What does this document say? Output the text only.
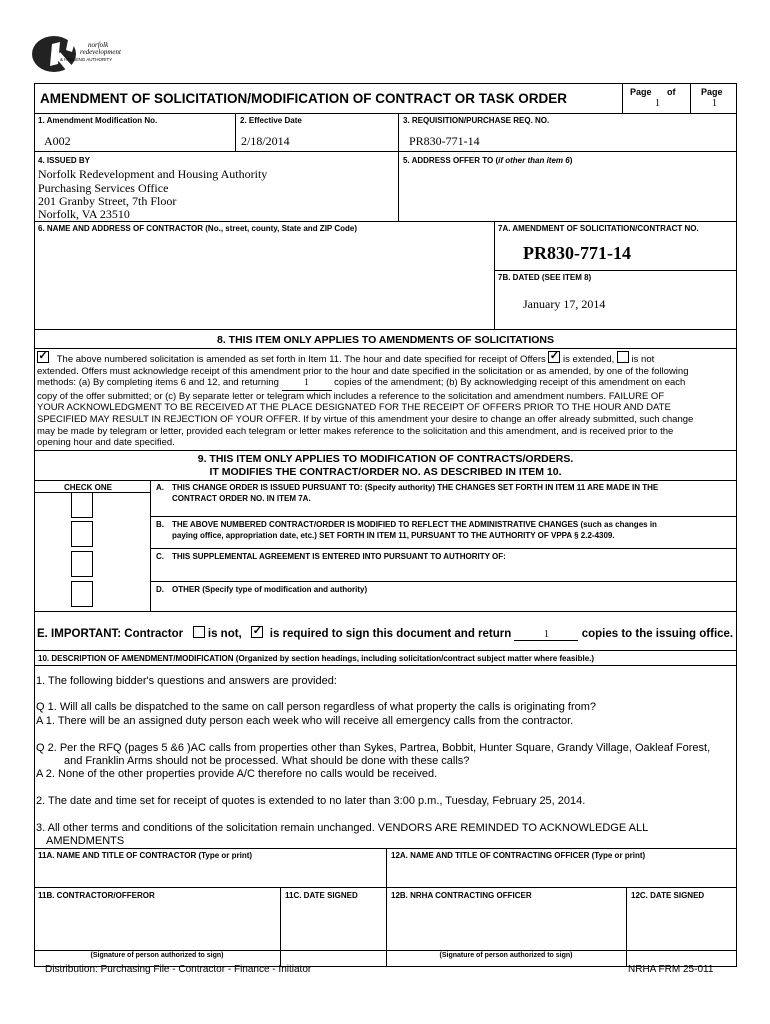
norfolk
redevelopment
& HOUSING AUTHORITY
AMENDMENT OF SOLICITATION/MODIFICATION OF CONTRACT OR TASK ORDER	Page of
1
Page
1
1. Amendment Modification No.
A002
2. Effective Date
2/18/2014
3. REQUISITION/PURCHASE REQ. NO.
PR830-771-14
4. ISSUED BY
Norfolk Redevelopment and Housing Authority
Purchasing Services Office
201 Granby Street, 7th Floor
Norfolk, VA 23510
5. ADDRESS OFFER TO (if other than item 6)
6. NAME AND ADDRESS OF CONTRACTOR (No., street, county, State and ZIP Code)	7A. AMENDMENT OF SOLICITATION/CONTRACT NO.
PR830-771-14
7B. DATED (SEE ITEM 8)
January 17, 2014
8. THIS ITEM ONLY APPLIES TO AMENDMENTS OF SOLICITATIONS
✓ The above numbered solicitation is amended as set forth in Item 11. The hour and date specified for receipt of Offers ✓ is extended, is not
extended. Offers must acknowledge receipt of this amendment prior to the hour and date specified in the solicitation or as amended, by one of the following
methods: (a) By completing items 6 and 12, and returning	1	copies of the amendment; (b) By acknowledging receipt of this amendment on each
copy of the offer submitted; or (c) By separate letter or telegram which includes a reference to the solicitation and amendment numbers. FAILURE OF
YOUR ACKNOWLEDGMENT TO BE RECEIVED AT THE PLACE DESIGNATED FOR THE RECEIPT OF OFFERS PRIOR TO THE HOUR AND DATE
SPECIFIED MAY RESULT IN REJECTION OF YOUR OFFER. If by virtue of this amendment your desire to change an offer already submitted, such change
may be made by telegram or letter, provided each telegram or letter makes reference to the solicitation and this amendment, and is received prior to the
opening hour and date specified.
9. THIS ITEM ONLY APPLIES TO MODIFICATION OF CONTRACTS/ORDERS.
IT MODIFIES THE CONTRACT/ORDER NO. AS DESCRIBED IN ITEM 10.
CHECK ONE	A. THIS CHANGE ORDER IS ISSUED PURSUANT TO: (Specify authority) THE CHANGES SET FORTH IN ITEM 11 ARE MADE IN THE
CONTRACT ORDER NO. IN ITEM 7A.
B. THE ABOVE NUMBERED CONTRACT/ORDER IS MODIFIED TO REFLECT THE ADMINISTRATIVE CHANGES (such as changes in
paying office, appropriation date, etc.) SET FORTH IN ITEM 11, PURSUANT TO THE AUTHORITY OF VPPA § 2.2-4309.
C. THIS SUPPLEMENTAL AGREEMENT IS ENTERED INTO PURSUANT TO AUTHORITY OF:
D. OTHER (Specify type of modification and authority)
E. IMPORTANT: Contractor is not, ✓ is required to sign this document and return	1	copies to the issuing office.
10. DESCRIPTION OF AMENDMENT/MODIFICATION (Organized by section headings, including solicitation/contract subject matter where feasible.)
1. The following bidder's questions and answers are provided:
Q 1. Will all calls be dispatched to the same on call person regardless of what property the calls is originating from?
A 1. There will be an assigned duty person each week who will receive all emergency calls from the contractor.
Q 2. Per the RFQ (pages 5 &6 )AC calls from properties other than Sykes, Partrea, Bobbit, Hunter Square, Grandy Village, Oakleaf Forest,
and Franklin Arms should not be processed. What should be done with these calls?
A 2. None of the other properties provide A/C therefore no calls would be received.
2. The date and time set for receipt of quotes is extended to no later than 3:00 p.m., Tuesday, February 25, 2014.
3. All other terms and conditions of the solicitation remain unchanged. VENDORS ARE REMINDED TO ACKNOWLEDGE ALL
AMENDMENTS
11A. NAME AND TITLE OF CONTRACTOR (Type or print)	12A. NAME AND TITLE OF CONTRACTING OFFICER (Type or print)
11B. CONTRACTOR/OFFEROR	11C. DATE SIGNED	12B. NRHA CONTRACTING OFFICER	12C. DATE SIGNED
(Signature of person authorized to sign)	(Signature of person authorized to sign)
Distribution: Purchasing File - Contractor - Finance - Initiator	NRHA FRM 25-011
